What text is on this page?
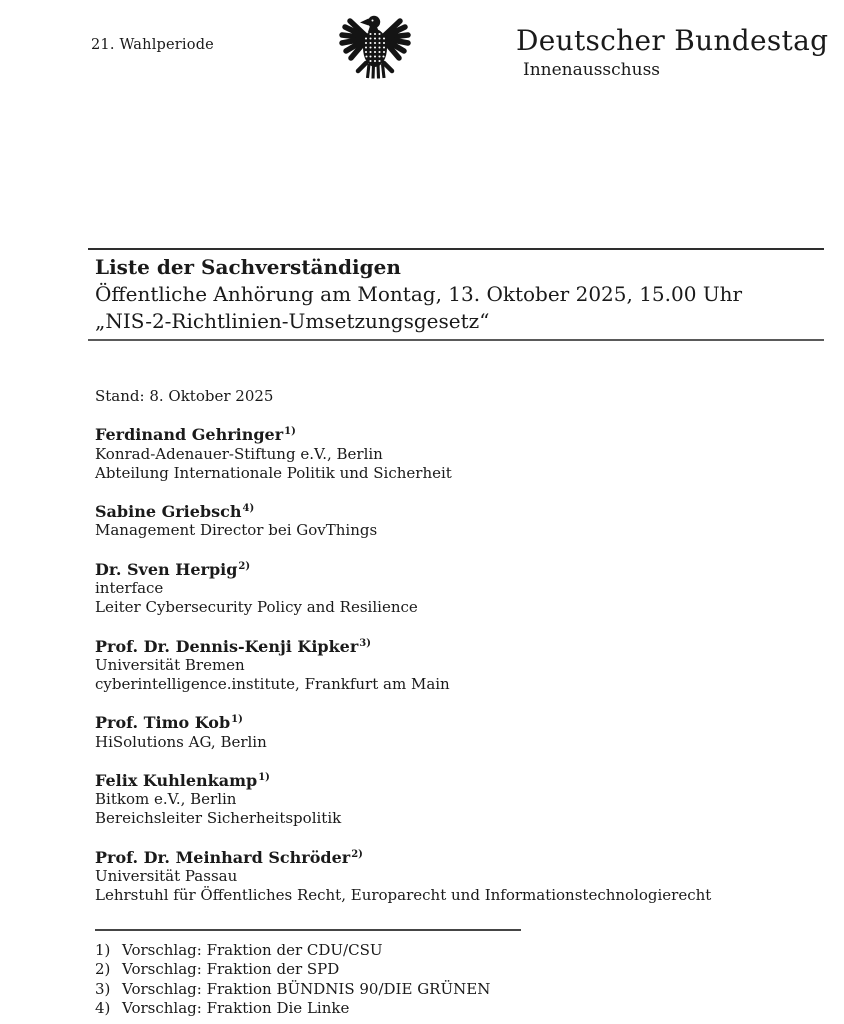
21. Wahlperiode	Deutscher Bundestag
Innenausschuss
Liste der Sachverständigen
Öffentliche Anhörung am Montag, 13. Oktober 2025, 15.00 Uhr
„NIS-2-Richtlinien-Umsetzungsgesetz“

Stand: 8. Oktober 2025

Ferdinand Gehringer$^{1)}$
Konrad-Adenauer-Stiftung e.V., Berlin
Abteilung Internationale Politik und Sicherheit
Sabine Griebsch$^{4)}$
Management Director bei GovThings
Dr. Sven Herpig$^{2)}$
interface
Leiter Cybersecurity Policy and Resilience
Prof. Dr. Dennis-Kenji Kipker$^{3)}$
Universität Bremen
cyberintelligence.institute, Frankfurt am Main
Prof. Timo Kob$^{1)}$
HiSolutions AG, Berlin
Felix Kuhlenkamp$^{1)}$
Bitkom e.V., Berlin
Bereichsleiter Sicherheitspolitik
Prof. Dr. Meinhard Schröder$^{2)}$
Universität Passau
Lehrstuhl für Öffentliches Recht, Europarecht und Informationstechnologierecht
1) Vorschlag: Fraktion der CDU/CSU
2) Vorschlag: Fraktion der SPD
3) Vorschlag: Fraktion BÜNDNIS 90/DIE GRÜNEN
4) Vorschlag: Fraktion Die Linke
